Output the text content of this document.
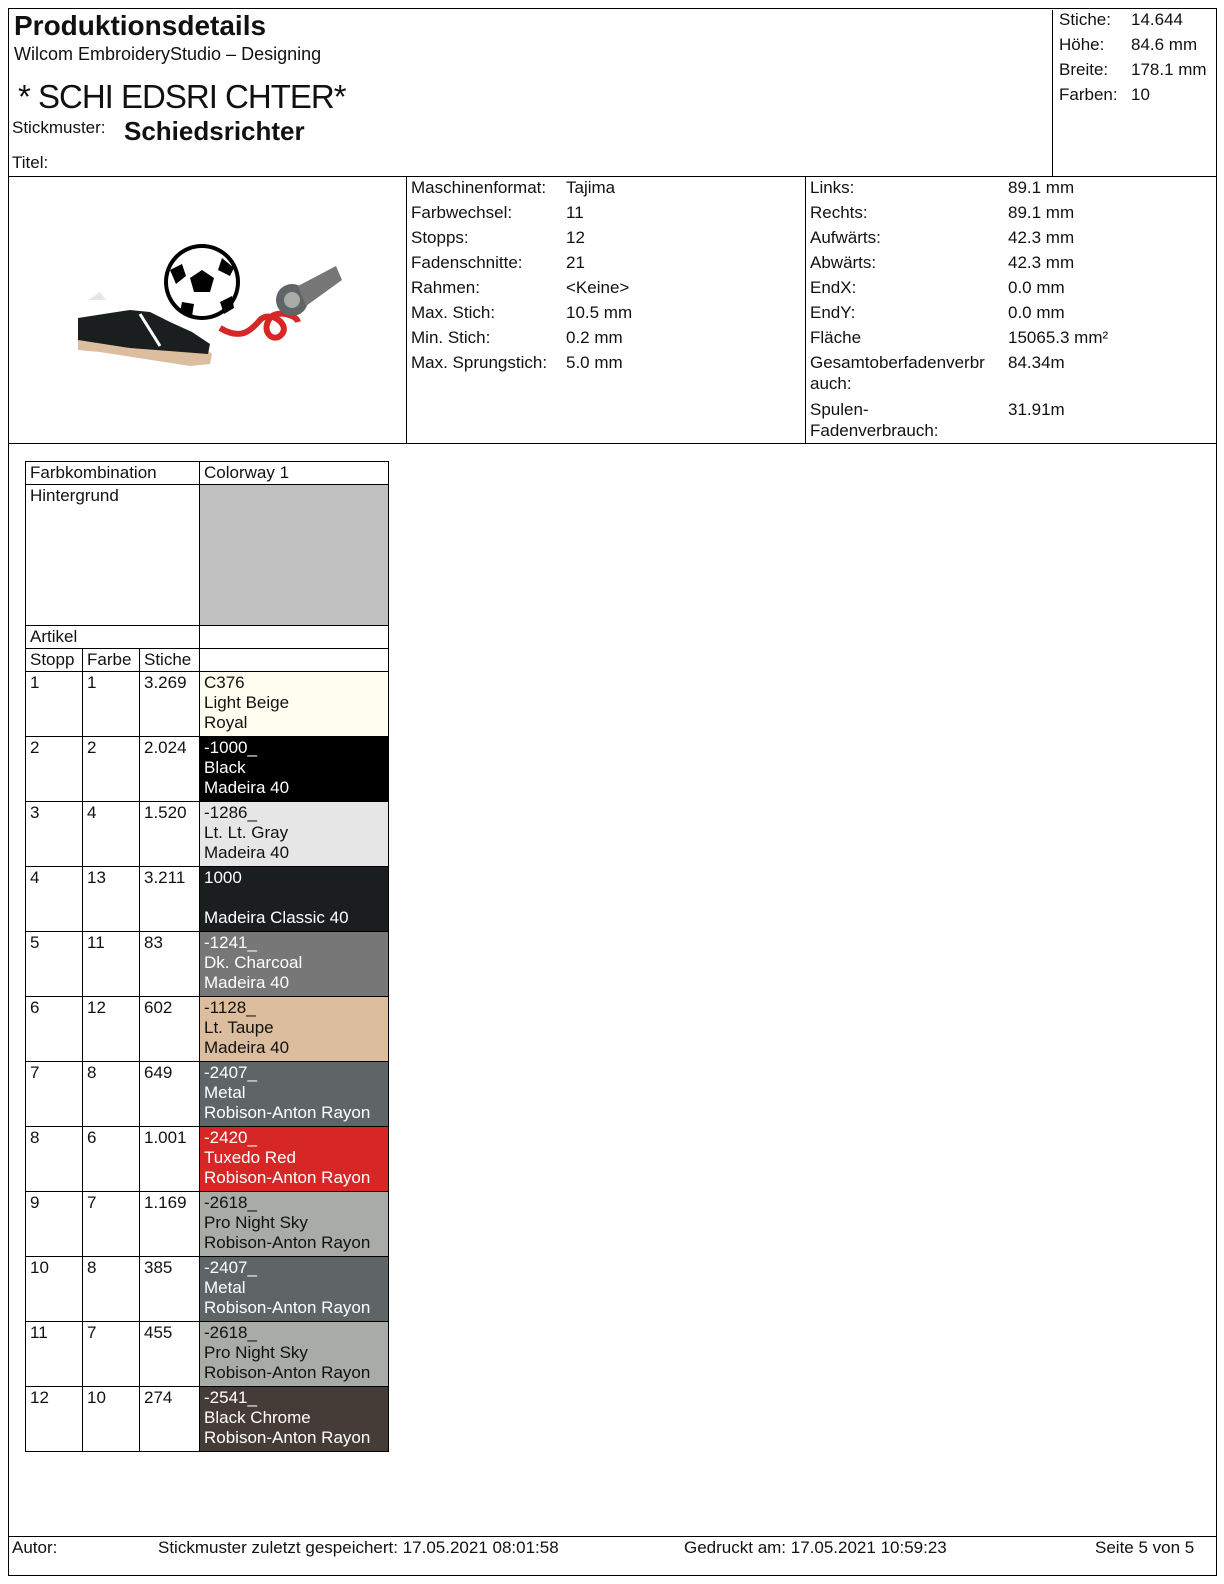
Produktionsdetails
Wilcom EmbroideryStudio – Designing
* SCHI EDSRI CHTER*
Stickmuster: Schiedsrichter
Titel:
Stiche: 14.644
Höhe: 84.6 mm
Breite: 178.1 mm
Farben: 10
Maschinenformat: Tajima
Farbwechsel:	11
Stopps:	12
Fadenschnitte:	21
Rahmen:	<Keine>
Max. Stich:	10.5 mm
Min. Stich:	0.2 mm
Max. Sprungstich: 5.0 mm
Links:	89.1 mm
Rechts:	89.1 mm
Aufwärts:	42.3 mm
Abwärts:	42.3 mm
EndX:	0.0 mm
EndY:	0.0 mm
Fläche	15065.3 mm²
Gesamtoberfadenverbr
auch:
84.34m
Spulen-
Fadenverbrauch:
31.91m
Farbkombination			Colorway 1
Hintergrund			
Artikel			
Stopp	Farbe	Stiche	
1	1	3.269	C376
Light Beige
Royal

2	2	2.024	-1000_
Black
Madeira 40

3	4	1.520	-1286_
Lt. Lt. Gray
Madeira 40

4	13	3.211	1000
Madeira Classic 40

5	11	83	-1241_
Dk. Charcoal
Madeira 40

6	12	602	-1128_
Lt. Taupe
Madeira 40

7	8	649	-2407_
Metal
Robison-Anton Rayon

8	6	1.001	-2420_
Tuxedo Red
Robison-Anton Rayon

9	7	1.169	-2618_
Pro Night Sky
Robison-Anton Rayon

10	8	385	-2407_
Metal
Robison-Anton Rayon

11	7	455	-2618_
Pro Night Sky
Robison-Anton Rayon

12	10	274	-2541_
Black Chrome
Robison-Anton Rayon
Autor:	Stickmuster zuletzt gespeichert: 17.05.2021 08:01:58	Gedruckt am: 17.05.2021 10:59:23	Seite 5 von 5
